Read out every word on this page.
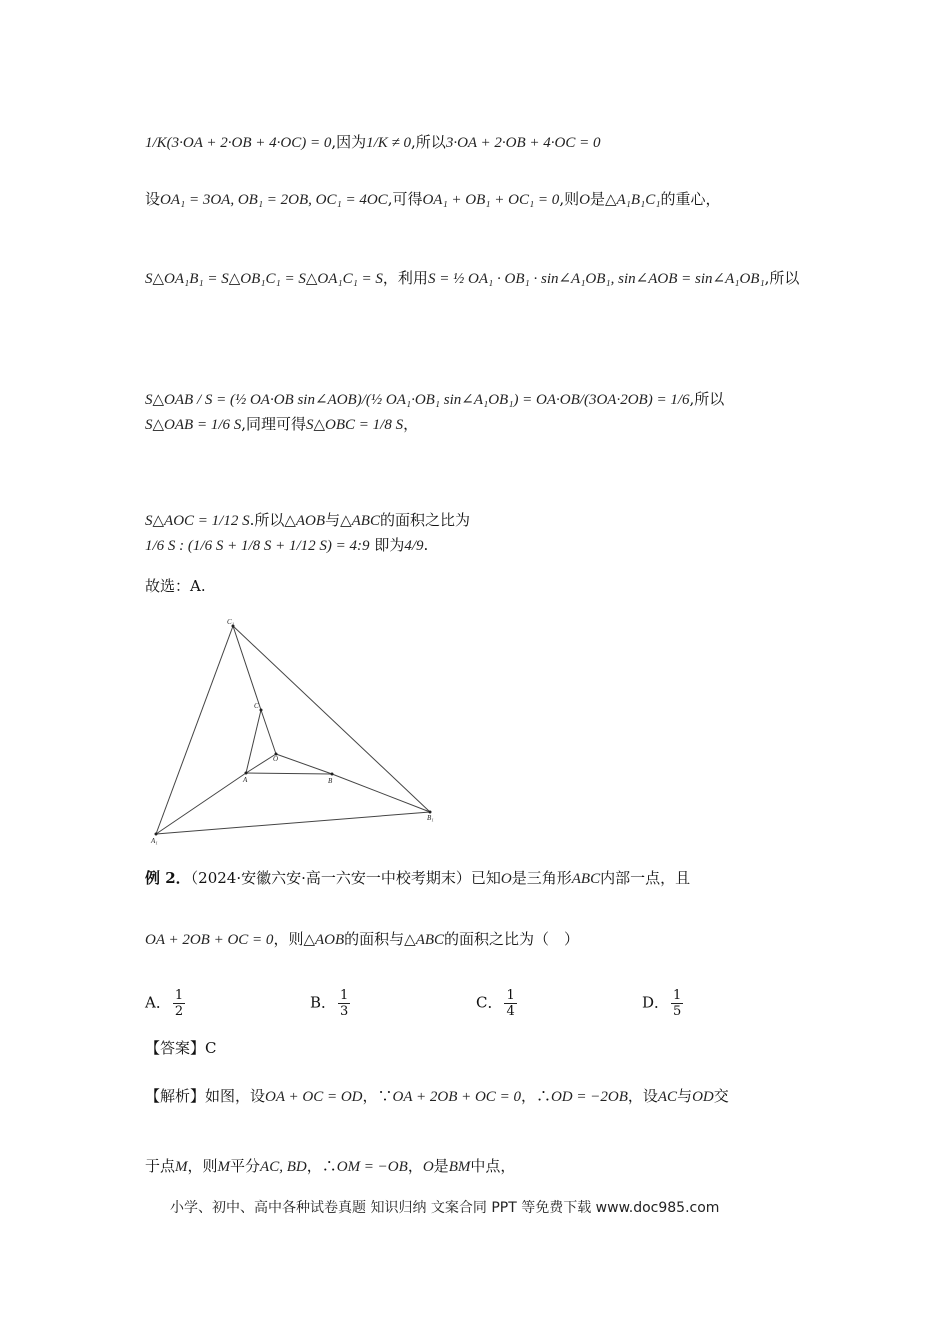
1/K(3·OA + 2·OB + 4·OC) = 0,因为1/K ≠ 0,所以3·OA + 2·OB + 4·OC = 0
设OA₁ = 3OA, OB₁ = 2OB, OC₁ = 4OC,可得OA₁ + OB₁ + OC₁ = 0,则O是△A₁B₁C₁的重心，
S△OA₁B₁ = S△OB₁C₁ = S△OA₁C₁ = S，利用S = ½ OA₁ · OB₁ · sin∠A₁OB₁, sin∠AOB = sin∠A₁OB₁,所以
S△OAB / S = (½ OA·OB sin∠AOB)/(½ OA₁·OB₁ sin∠A₁OB₁) = OA·OB/(3OA·2OB) = 1/6,所以
S△OAB = 1/6 S,同理可得S△OBC = 1/8 S，
S△AOC = 1/12 S.所以△AOB与△ABC的面积之比为
1/6 S : (1/6 S + 1/8 S + 1/12 S) = 4:9 即为4/9.
故选：A.
C₁
C
O
A	B
B₁
A₁
例 2．（2024·安徽六安·高一六安一中校考期末）已知O是三角形ABC内部一点，且
OA + 2OB + OC = 0，则△AOB的面积与△ABC的面积之比为（　）
A． $\frac{1}{2}$	B． $\frac{1}{3}$	C． $\frac{1}{4}$	D． $\frac{1}{5}$
【答案】C
【解析】如图，设OA + OC = OD，∵OA + 2OB + OC = 0，∴OD = −2OB，设AC与OD交
于点M，则M平分AC, BD，∴OM = −OB，O是BM中点，
小学、初中、高中各种试卷真题 知识归纳 文案合同 PPT 等免费下载 www.doc985.com
